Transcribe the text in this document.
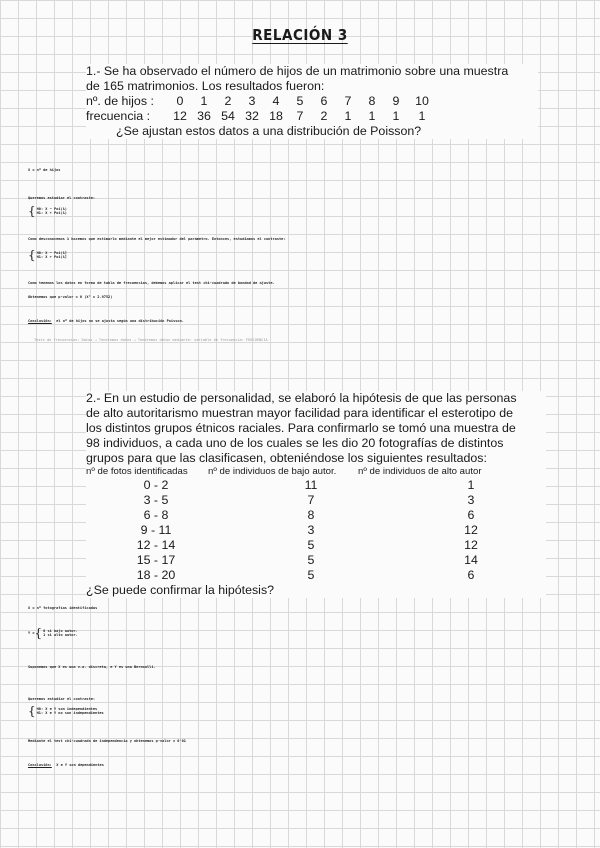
RELACIÓN 3
1.- Se ha observado el número de hijos de un matrimonio sobre una muestra
de 165 matrimonios. Los resultados fueron:
nº. de hijos :	0 1 2 3 4 5 6 7 8 9 10
frecuencia :	12 36 54 32 18 7 2 1 1 1 1
¿Se ajustan estos datos a una distribución de Poisson?
X = nº de hijos
Queremos estudiar el contraste:
{ H0: X ~ Poi(λ)
H1: X ≁ Poi(λ)
Como desconocemos λ hacemos que estimarlo mediante el mejor estimador del parámetro. Entonces, estudiamos el contraste:
{ H0: X ~ Poi(λ̂)
H1: X ≁ Poi(λ̂)
Como tenemos los datos en forma de tabla de frecuencias, debemos aplicar el test chi-cuadrado de bondad de ajuste.
Obtenemos que p-valor = 0 (X² = 2.9752)
Conclusión: el nº de hijos no se ajusta según una distribución Poisson.
Tests de frecuencias: Datos → Tendremos datos → Tendremos datos mediante: variable de frecuencia: FRECUENCIA
2.- En un estudio de personalidad, se elaboró la hipótesis de que las personas
de alto autoritarismo muestran mayor facilidad para identificar el esterotipo de
los distintos grupos étnicos raciales. Para confirmarlo se tomó una muestra de
98 individuos, a cada uno de los cuales se les dio 20 fotografías de distintos
grupos para que las clasificasen, obteniéndose los siguientes resultados:
nº de fotos identificadas	nº de individuos de bajo autor.	nº de individuos de alto autor
0 - 2	11	1
3 - 5	7	3
6 - 8	8	6
9 - 11	3	12
12 - 14	5	12
15 - 17	5	14
18 - 20	5	6
¿Se puede confirmar la hipótesis?
X = nº fotografías identificadas
Y = { 0 si bajo autor.
1 si alto autor.
Suponemos que X es una v.a. discreta, e Y es una Bernoulli.
Queremos estudiar el contraste:
{ H0: X e Y son independientes
H1: X e Y no son independientes
Mediante el test chi-cuadrado de independencia y obtenemos p-valor = 0'01
Conclusión: X e Y son dependientes
